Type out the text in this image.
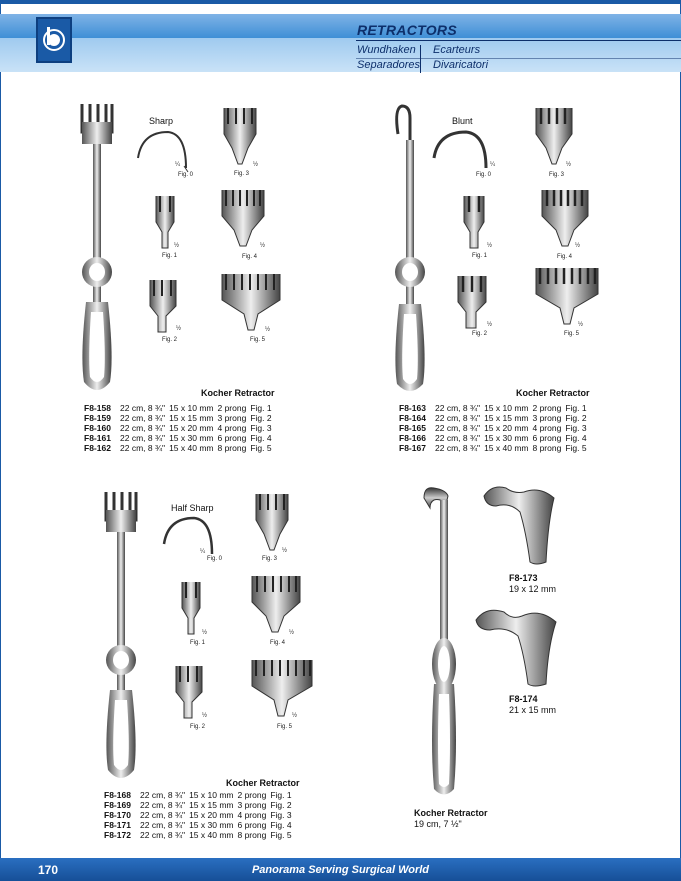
RETRACTORS
Wundhaken Ecarteurs
Separadores Divaricatori
Sharp
¼
Fig. 0
½
Fig. 3
½
Fig. 1
½
Fig. 4
½
Fig. 2
½
Fig. 5
Kocher Retractor
F8-158 22 cm, 8 ¾" 15 x 10 mm 2 prong Fig. 1
F8-159 22 cm, 8 ¾" 15 x 15 mm 3 prong Fig. 2
F8-160 22 cm, 8 ¾" 15 x 20 mm 4 prong Fig. 3
F8-161 22 cm, 8 ¾" 15 x 30 mm 6 prong Fig. 4
F8-162 22 cm, 8 ¾" 15 x 40 mm 8 prong Fig. 5
Blunt
¼
Fig. 0
½
Fig. 3
½
Fig. 1
½
Fig. 4
½
Fig. 2
½
Fig. 5
Kocher Retractor
F8-163 22 cm, 8 ¾" 15 x 10 mm 2 prong Fig. 1
F8-164 22 cm, 8 ¾" 15 x 15 mm 3 prong Fig. 2
F8-165 22 cm, 8 ¾" 15 x 20 mm 4 prong Fig. 3
F8-166 22 cm, 8 ¾" 15 x 30 mm 6 prong Fig. 4
F8-167 22 cm, 8 ¾" 15 x 40 mm 8 prong Fig. 5
Half Sharp
¼
Fig. 0
½
Fig. 3
½
Fig. 1
½
Fig. 4
½
Fig. 2
½
Fig. 5
Kocher Retractor
F8-168 22 cm, 8 ¾" 15 x 10 mm 2 prong Fig. 1
F8-169 22 cm, 8 ¾" 15 x 15 mm 3 prong Fig. 2
F8-170 22 cm, 8 ¾" 15 x 20 mm 4 prong Fig. 3
F8-171 22 cm, 8 ¾" 15 x 30 mm 6 prong Fig. 4
F8-172 22 cm, 8 ¾" 15 x 40 mm 8 prong Fig. 5
F8-173
19 x 12 mm
F8-174
21 x 15 mm
Kocher Retractor
19 cm, 7 ½"
170	Panorama Serving Surgical World
